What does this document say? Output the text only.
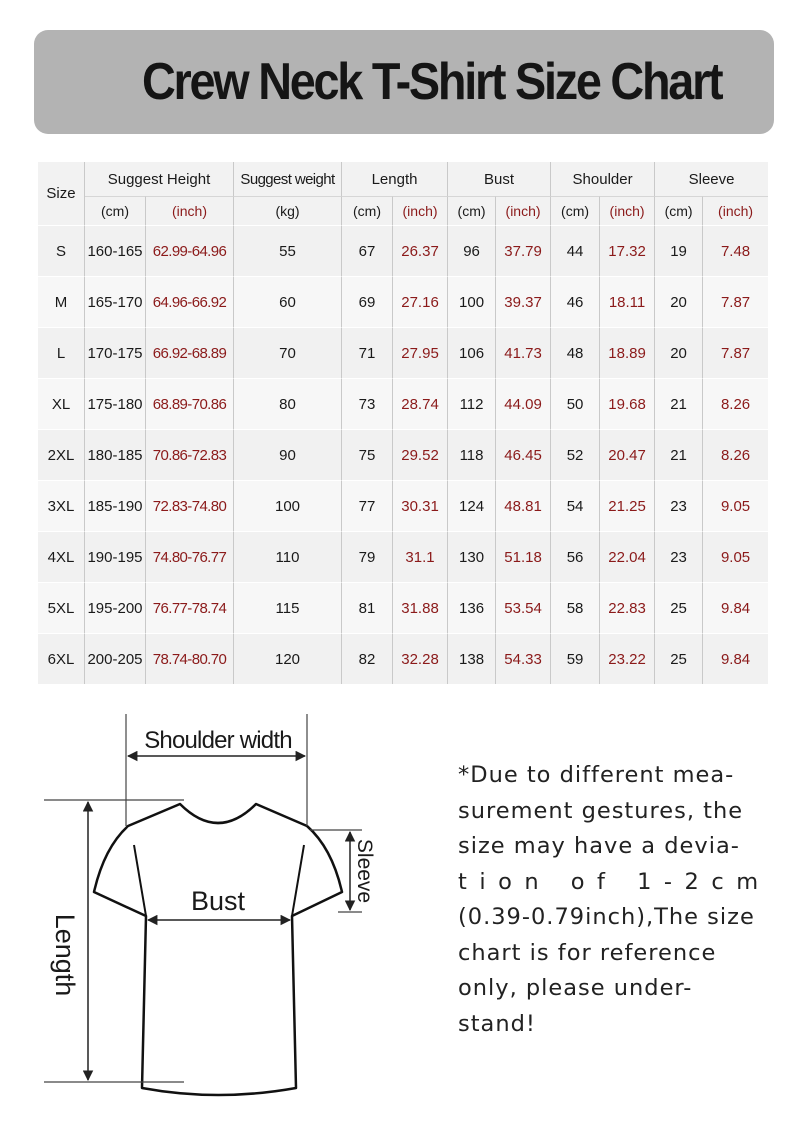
Crew Neck T-Shirt Size Chart
Size	Suggest Height		Suggest weight	Length		Bust		Shoulder		Sleeve	
	(cm)	(inch)	(kg)	(cm)	(inch)	(cm)	(inch)	(cm)	(inch)	(cm)	(inch)
S	160-165	62.99-64.96	55	67	26.37	96	37.79	44	17.32	19	7.48
M	165-170	64.96-66.92	60	69	27.16	100	39.37	46	18.11	20	7.87
L	170-175	66.92-68.89	70	71	27.95	106	41.73	48	18.89	20	7.87
XL	175-180	68.89-70.86	80	73	28.74	112	44.09	50	19.68	21	8.26
2XL	180-185	70.86-72.83	90	75	29.52	118	46.45	52	20.47	21	8.26
3XL	185-190	72.83-74.80	100	77	30.31	124	48.81	54	21.25	23	9.05
4XL	190-195	74.80-76.77	110	79	31.1	130	51.18	56	22.04	23	9.05
5XL	195-200	76.77-78.74	115	81	31.88	136	53.54	58	22.83	25	9.84
6XL	200-205	78.74-80.70	120	82	32.28	138	54.33	59	23.22	25	9.84
Shoulder width
Bust	Sleeve
Length
*Due to different mea-
surement gestures, the
size may have a devia-
tion of 1-2cm
(0.39-0.79inch),The size
chart is for reference
only, please under-
stand!
